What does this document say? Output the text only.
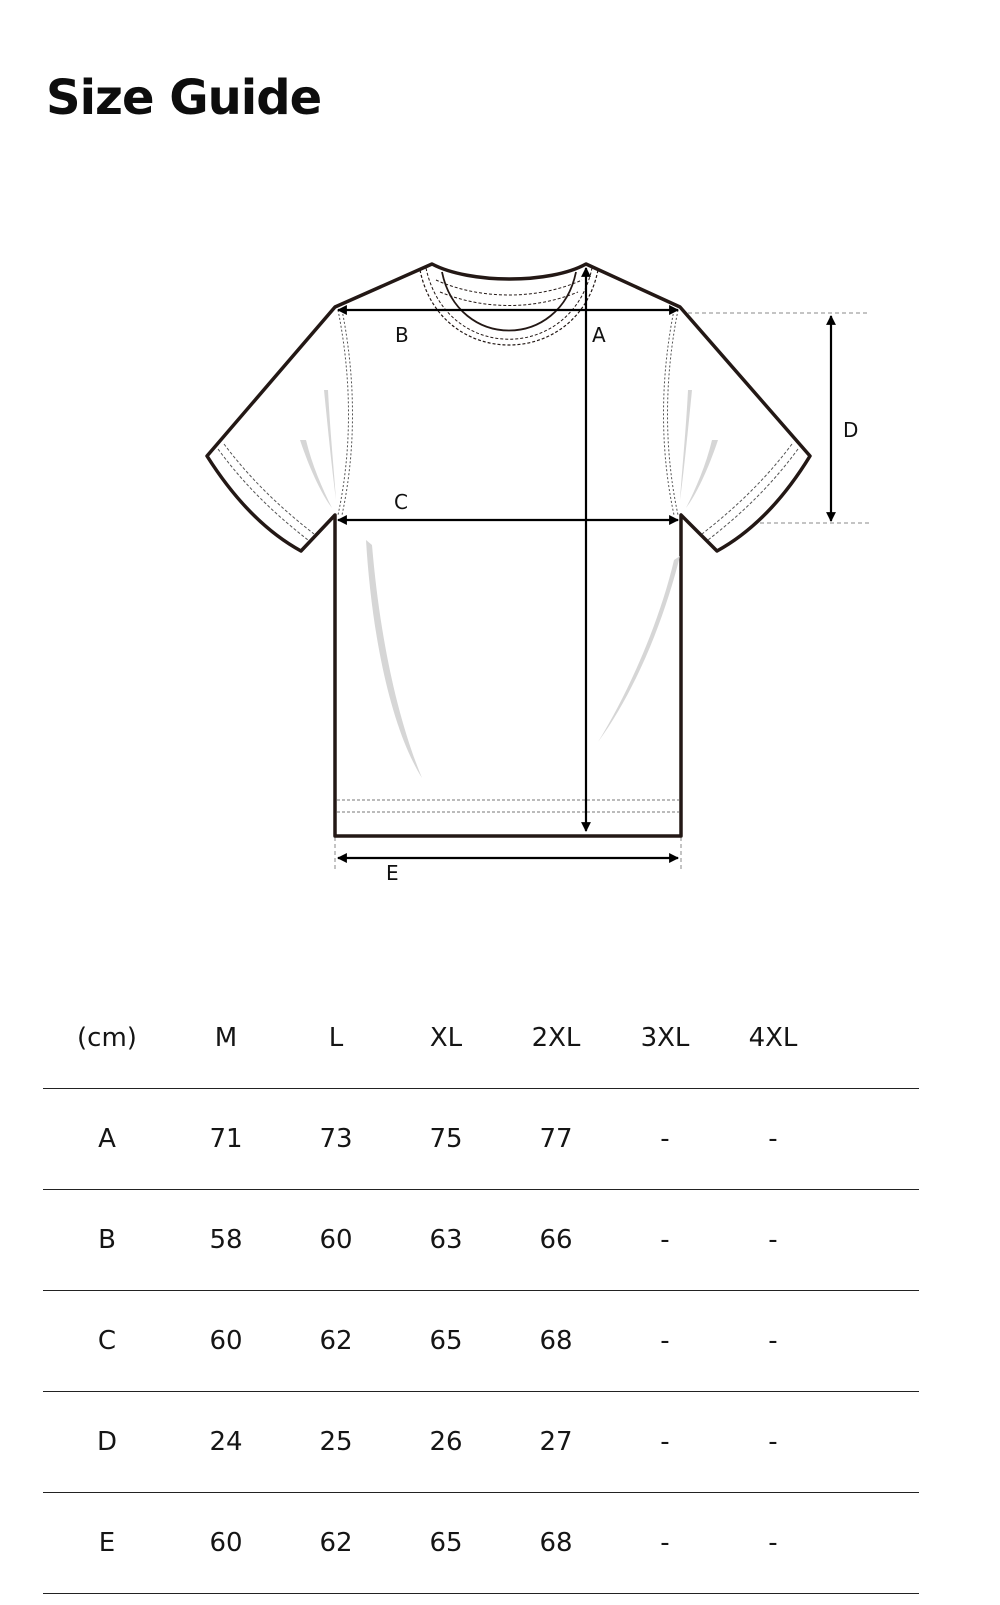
Size Guide
B	A
C
D
E
(cm)	M	L	XL	2XL	3XL	4XL	
A	71	73	75	77	-	-	
B	58	60	63	66	-	-	
C	60	62	65	68	-	-	
D	24	25	26	27	-	-	
E	60	62	65	68	-	-	
